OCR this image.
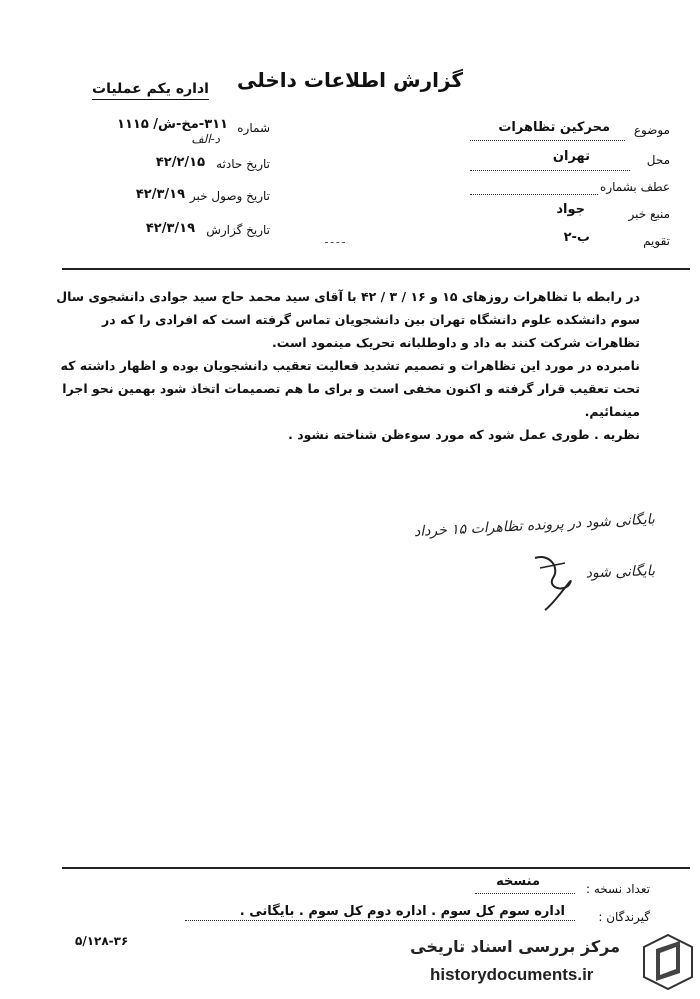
گزارش اطلاعات داخلی
اداره یکم عملیات
شماره
۳۱۱-مخ-ش/ ۱۱۱۵
د-الف
تاریخ حادثه
۴۲/۲/۱۵
تاریخ وصول خبر
۴۲/۳/۱۹
تاریخ گزارش
۴۲/۳/۱۹
موضوع
محرکین تظاهرات
محل
تهران
عطف بشماره
منبع خبر
جواد
تقویم
ب-۲

در رابطه با تظاهرات روزهای ۱۵ و ۱۶ / ۳ / ۴۲ با آقای سید محمد حاج سید جوادی دانشجوی سال سوم دانشکده علوم دانشگاه تهران بین دانشجویان تماس گرفته است که افرادی را که در تظاهرات شرکت کنند به داد و داوطلبانه تحریک مینمود است.

نامبرده در مورد این تظاهرات و تصمیم تشدید فعالیت تعقیب دانشجویان بوده و اظهار داشته که تحت تعقیب قرار گرفته و اکنون مخفی است و برای ما هم تصمیمات اتخاذ شود بهمین نحو اجرا مینمائیم.

نظریه . طوری عمل شود که مورد سوءظن شناخته نشود .

بایگانی شود در پرونده تظاهرات ۱۵ خرداد
بایگانی شود
تعداد نسخه :
منسخه
گیرندگان :
اداره سوم کل سوم . اداره دوم کل سوم . بایگانی .
۵/۱۲۸-۳۶	مرکز بررسی اسناد تاریخی
historydocuments.ir
